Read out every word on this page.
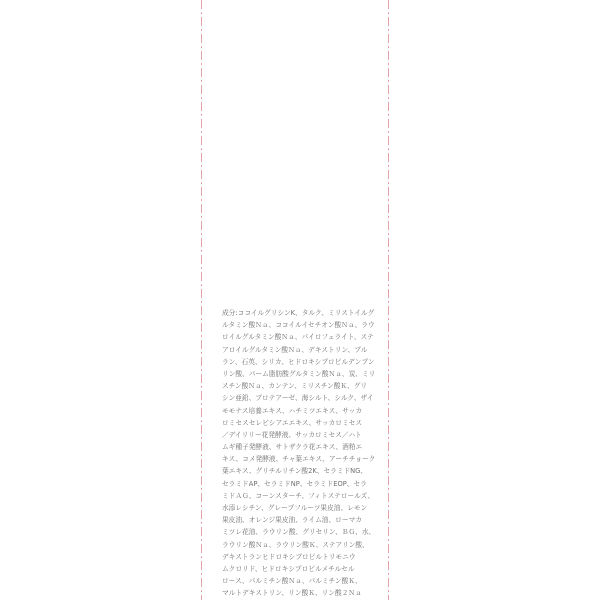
成分:ココイルグリシンK、タルク、ミリストイルグ
ルタミン酸Ｎａ、ココイルイセチオン酸Ｎａ、ラウ
ロイルグルタミン酸Ｎａ、パイロフェライト、ステ
アロイルグルタミン酸Ｎａ、デキストリン、プル
ラン、石英、シリカ、ヒドロキシプロピルデンプン
リン酸、パーム脂肪酸グルタミン酸Ｎａ、炭、ミリ
スチン酸Ｎａ、カンテン、ミリスチン酸Ｋ、グリ
シン亜鉛、プロテアーゼ、海シルト、シルク、ザイ
モモナス培養エキス、ハチミツエキス、サッカ
ロミセスセレビシアエエキス、サッカロミセス
／デイリリー花発酵液、サッカロミセス／ハト
ムギ種子発酵液、サトザクラ花エキス、酒粕エ
キス、コメ発酵液、チャ葉エキス、アーチチョーク
葉エキス、グリチルリチン酸2K、セラミドNG、
セラミドAP、セラミドNP、セラミドEOP、セラ
ミドＡＧ、コーンスターチ、フィトステロールズ、
水添レシチン、グレープフルーツ果皮油、レモン
果皮油、オレンジ果皮油、ライム油、ローマカ
ミツレ花油、ラウリン酸、グリセリン、ＢＧ、水、
ラウリン酸Ｎａ、ラウリン酸Ｋ、ステアリン酸、
デキストランヒドロキシプロピルトリモニウ
ムクロリド、ヒドロキシプロピルメチルセル
ロース、パルミチン酸Ｎａ、パルミチン酸Ｋ、
マルトデキストリン、リン酸Ｋ、リン酸２Ｎａ
